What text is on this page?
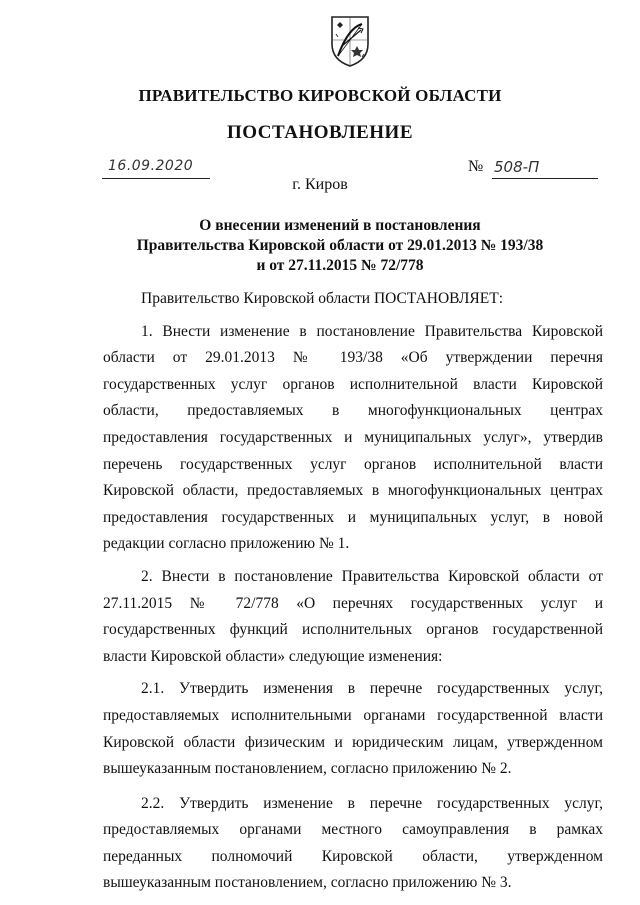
ПРАВИТЕЛЬСТВО КИРОВСКОЙ ОБЛАСТИ
ПОСТАНОВЛЕНИЕ
16.09.2020	№ 508-П
г. Киров
О внесении изменений в постановления
Правительства Кировской области от 29.01.2013 № 193/38
и от 27.11.2015 № 72/778

Правительство Кировской области ПОСТАНОВЛЯЕТ:

1. Внести изменение в постановление Правительства Кировской области от 29.01.2013 № 193/38 «Об утверждении перечня государственных услуг органов исполнительной власти Кировской области, предоставляемых в многофункциональных центрах предоставления государственных и муниципальных услуг», утвердив перечень государственных услуг органов исполнительной власти Кировской области, предоставляемых в многофункциональных центрах предоставления государственных и муниципальных услуг, в новой редакции согласно приложению № 1.

2. Внести в постановление Правительства Кировской области от 27.11.2015 № 72/778 «О перечнях государственных услуг и государственных функций исполнительных органов государственной власти Кировской области» следующие изменения:

2.1. Утвердить изменения в перечне государственных услуг, предоставляемых исполнительными органами государственной власти Кировской области физическим и юридическим лицам, утвержденном вышеуказанным постановлением, согласно приложению № 2.

2.2. Утвердить изменение в перечне государственных услуг, предоставляемых органами местного самоуправления в рамках переданных полномочий Кировской области, утвержденном вышеуказанным постановлением, согласно приложению № 3.
